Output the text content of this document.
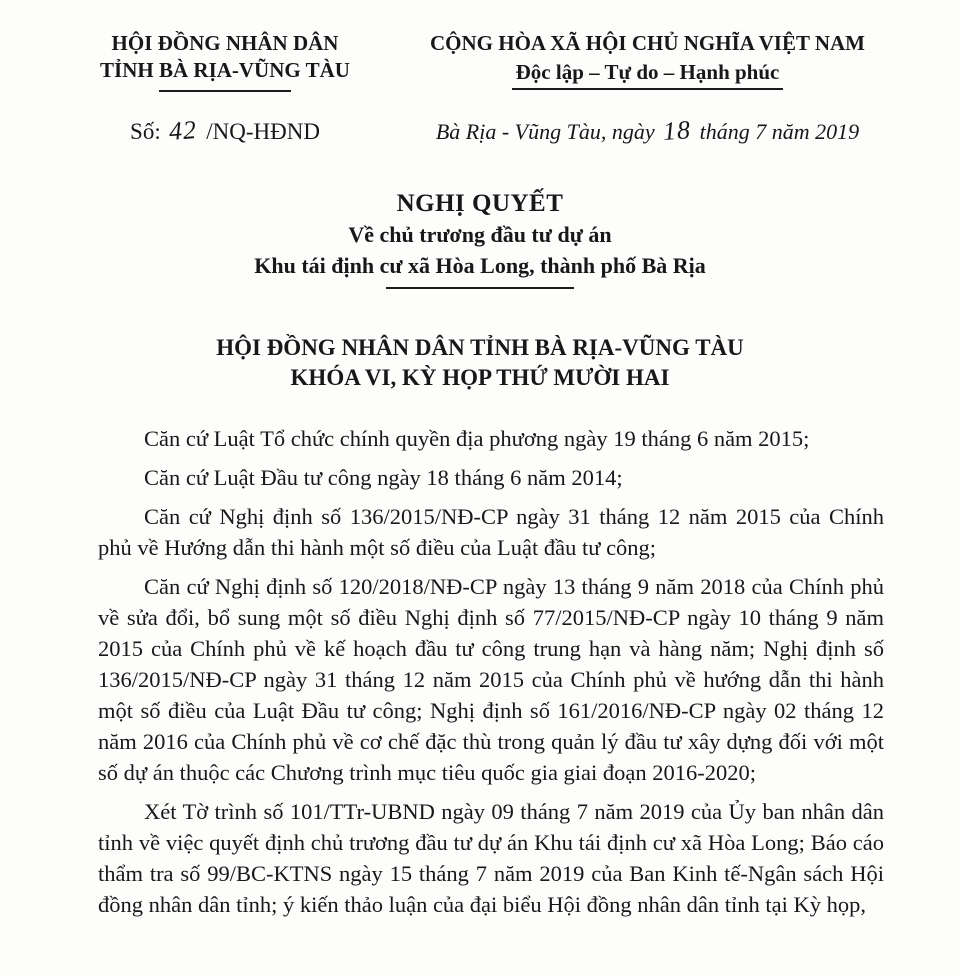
HỘI ĐỒNG NHÂN DÂN
TỈNH BÀ RỊA-VŨNG TÀU
Số: 42 /NQ-HĐND
CỘNG HÒA XÃ HỘI CHỦ NGHĨA VIỆT NAM
Độc lập – Tự do – Hạnh phúc
Bà Rịa - Vũng Tàu, ngày 18 tháng 7 năm 2019
NGHỊ QUYẾT
Về chủ trương đầu tư dự án
Khu tái định cư xã Hòa Long, thành phố Bà Rịa
HỘI ĐỒNG NHÂN DÂN TỈNH BÀ RỊA-VŨNG TÀU
KHÓA VI, KỲ HỌP THỨ MƯỜI HAI

Căn cứ Luật Tổ chức chính quyền địa phương ngày 19 tháng 6 năm 2015;

Căn cứ Luật Đầu tư công ngày 18 tháng 6 năm 2014;

Căn cứ Nghị định số 136/2015/NĐ-CP ngày 31 tháng 12 năm 2015 của Chính phủ về Hướng dẫn thi hành một số điều của Luật đầu tư công;

Căn cứ Nghị định số 120/2018/NĐ-CP ngày 13 tháng 9 năm 2018 của Chính phủ về sửa đổi, bổ sung một số điều Nghị định số 77/2015/NĐ-CP ngày 10 tháng 9 năm 2015 của Chính phủ về kế hoạch đầu tư công trung hạn và hàng năm; Nghị định số 136/2015/NĐ-CP ngày 31 tháng 12 năm 2015 của Chính phủ về hướng dẫn thi hành một số điều của Luật Đầu tư công; Nghị định số 161/2016/NĐ-CP ngày 02 tháng 12 năm 2016 của Chính phủ về cơ chế đặc thù trong quản lý đầu tư xây dựng đối với một số dự án thuộc các Chương trình mục tiêu quốc gia giai đoạn 2016-2020;

Xét Tờ trình số 101/TTr-UBND ngày 09 tháng 7 năm 2019 của Ủy ban nhân dân tỉnh về việc quyết định chủ trương đầu tư dự án Khu tái định cư xã Hòa Long; Báo cáo thẩm tra số 99/BC-KTNS ngày 15 tháng 7 năm 2019 của Ban Kinh tế-Ngân sách Hội đồng nhân dân tỉnh; ý kiến thảo luận của đại biểu Hội đồng nhân dân tỉnh tại Kỳ họp,
